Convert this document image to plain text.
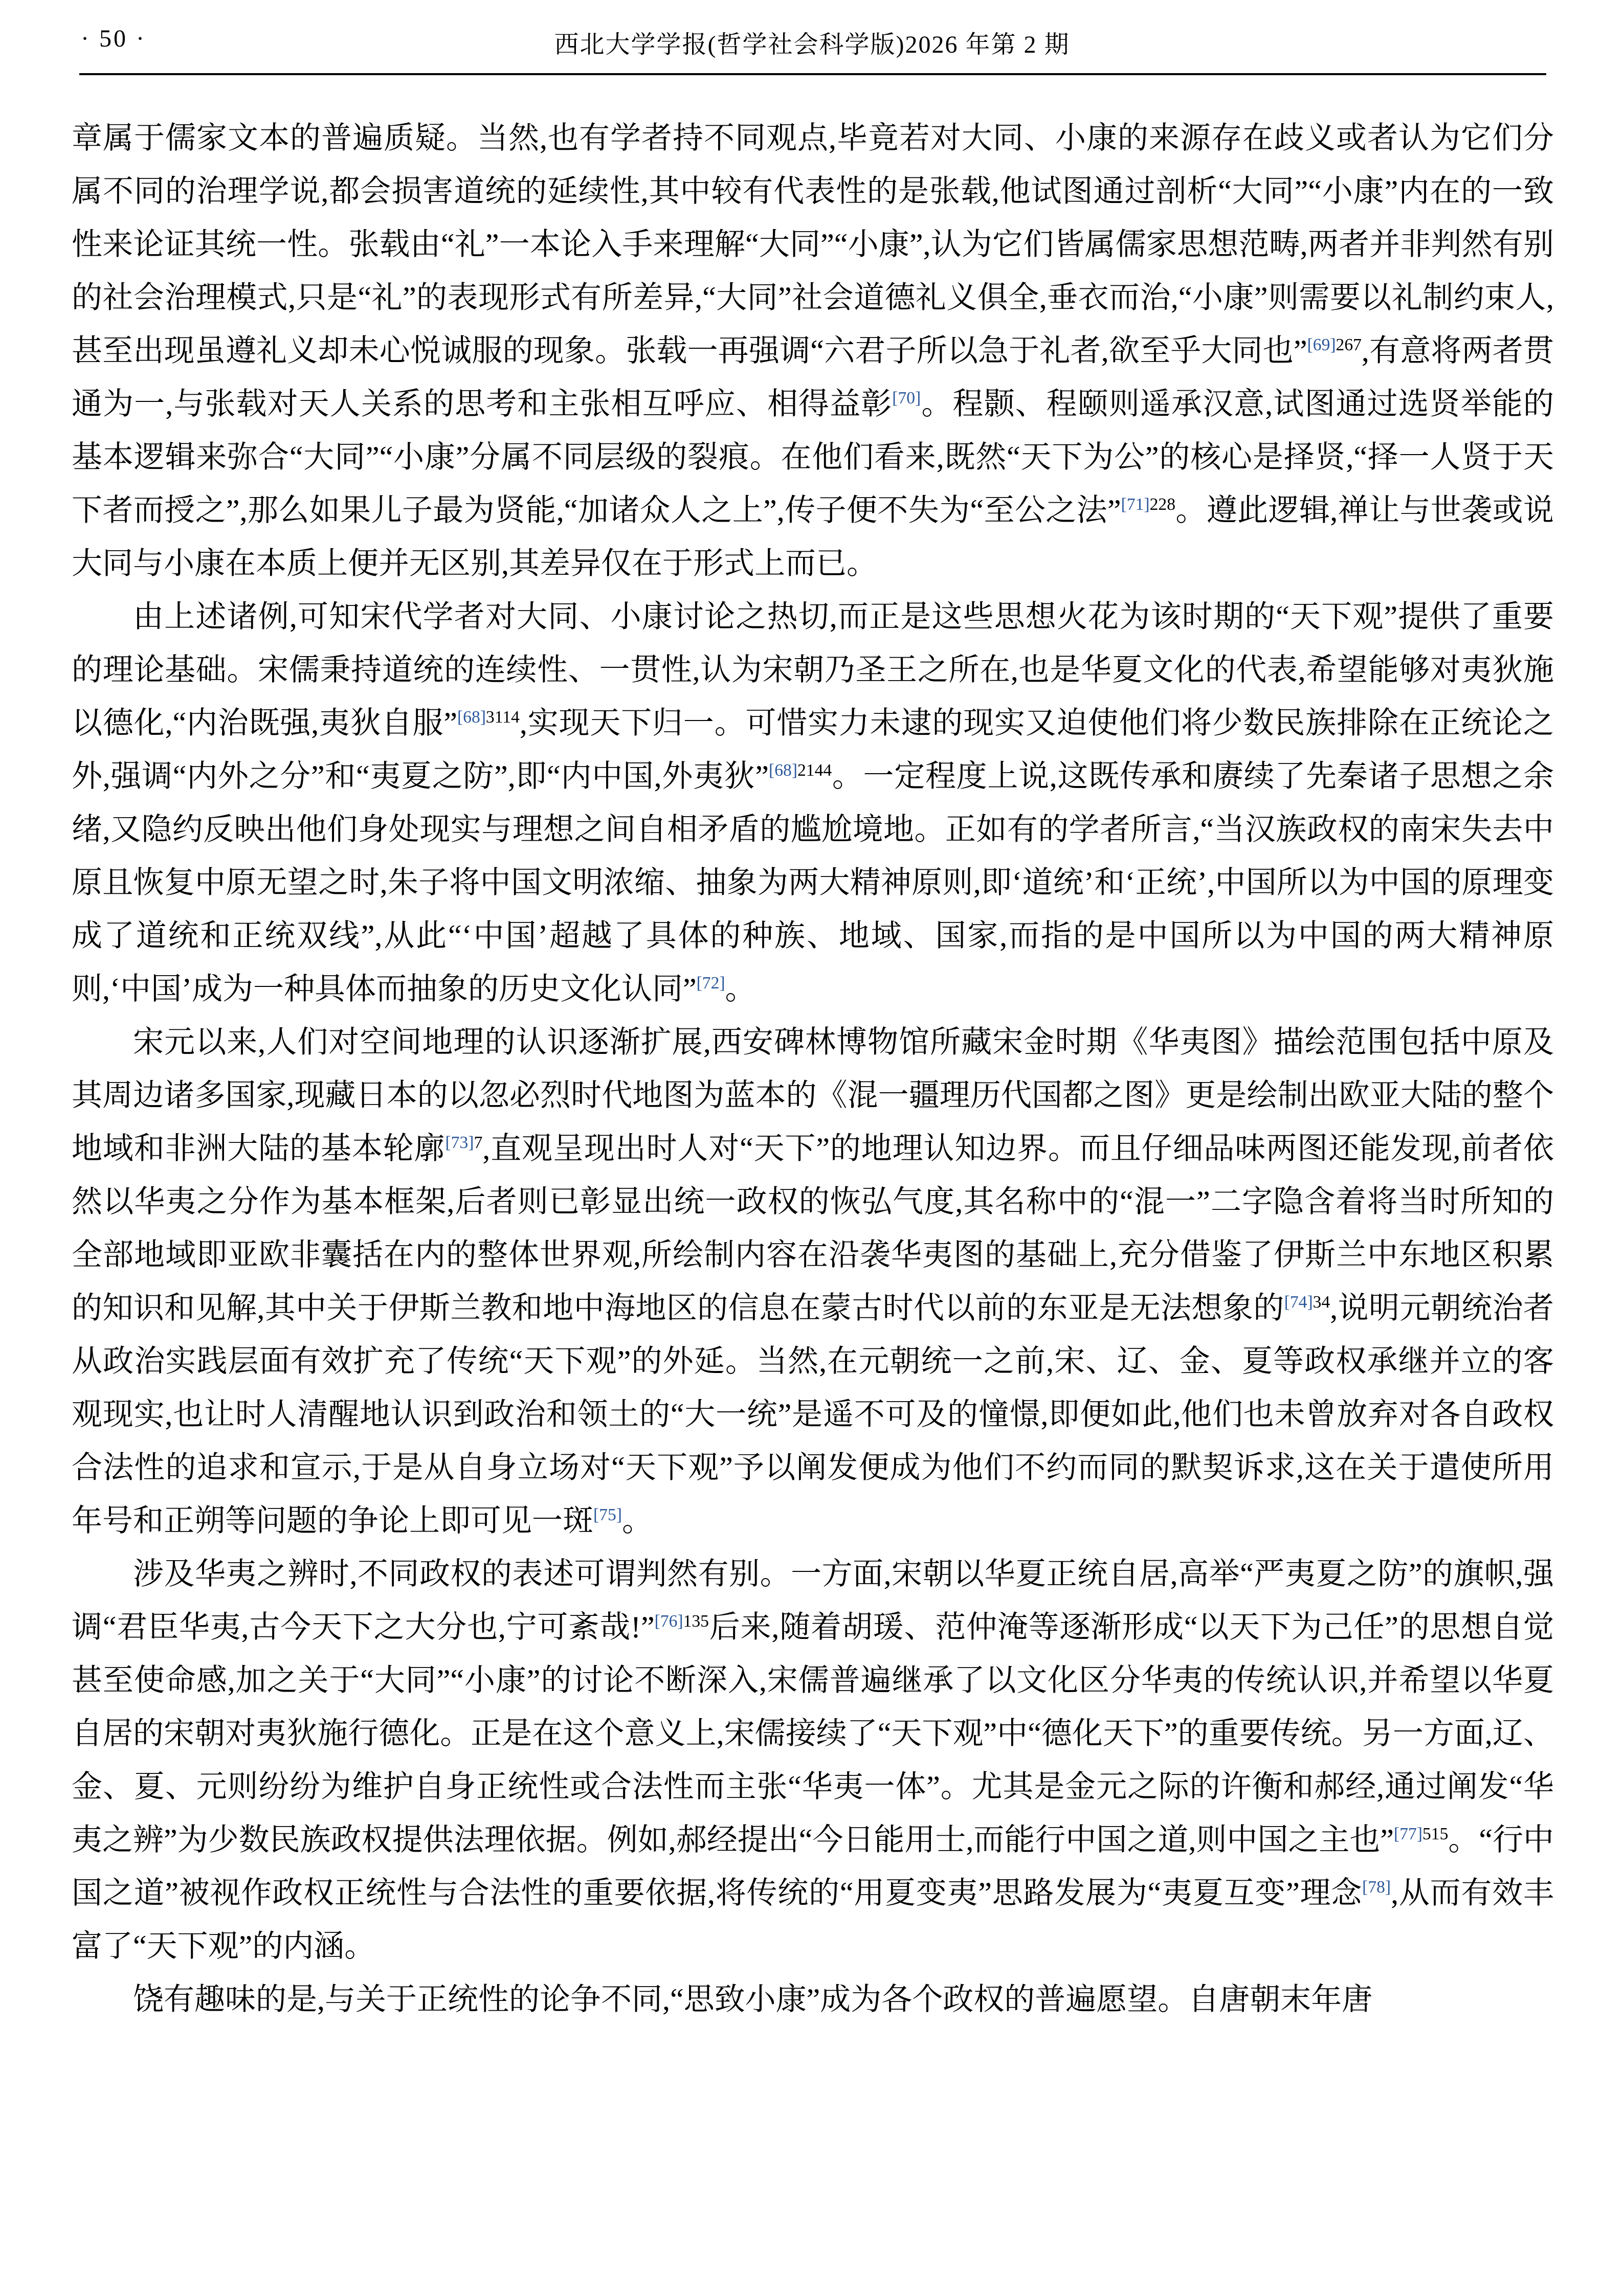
· 50 ·	西北大学学报(哲学社会科学版)2026 年第 2 期

章属于儒家文本的普遍质疑。当然,也有学者持不同观点,毕竟若对大同、小康的来源存在歧义或者认为它们分属不同的治理学说,都会损害道统的延续性,其中较有代表性的是张载,他试图通过剖析“大同”“小康”内在的一致性来论证其统一性。张载由“礼”一本论入手来理解“大同”“小康”,认为它们皆属儒家思想范畴,两者并非判然有别的社会治理模式,只是“礼”的表现形式有所差异,“大同”社会道德礼义俱全,垂衣而治,“小康”则需要以礼制约束人,甚至出现虽遵礼义却未心悦诚服的现象。张载一再强调“六君子所以急于礼者,欲至乎大同也”$^{[69]267}$,有意将两者贯通为一,与张载对天人关系的思考和主张相互呼应、相得益彰[70]。程颢、程颐则遥承汉意,试图通过选贤举能的基本逻辑来弥合“大同”“小康”分属不同层级的裂痕。在他们看来,既然“天下为公”的核心是择贤,“择一人贤于天下者而授之”,那么如果儿子最为贤能,“加诸众人之上”,传子便不失为“至公之法”$^{[71]228}$。遵此逻辑,禅让与世袭或说大同与小康在本质上便并无区别,其差异仅在于形式上而已。

由上述诸例,可知宋代学者对大同、小康讨论之热切,而正是这些思想火花为该时期的“天下观”提供了重要的理论基础。宋儒秉持道统的连续性、一贯性,认为宋朝乃圣王之所在,也是华夏文化的代表,希望能够对夷狄施以德化,“内治既强,夷狄自服”$^{[68]3114}$,实现天下归一。可惜实力未逮的现实又迫使他们将少数民族排除在正统论之外,强调“内外之分”和“夷夏之防”,即“内中国,外夷狄”$^{[68]2144}$。一定程度上说,这既传承和赓续了先秦诸子思想之余绪,又隐约反映出他们身处现实与理想之间自相矛盾的尴尬境地。正如有的学者所言,“当汉族政权的南宋失去中原且恢复中原无望之时,朱子将中国文明浓缩、抽象为两大精神原则,即‘道统’和‘正统’,中国所以为中国的原理变成了道统和正统双线”,从此“‘中国’超越了具体的种族、地域、国家,而指的是中国所以为中国的两大精神原则,‘中国’成为一种具体而抽象的历史文化认同”[72]。

宋元以来,人们对空间地理的认识逐渐扩展,西安碑林博物馆所藏宋金时期《华夷图》描绘范围包括中原及其周边诸多国家,现藏日本的以忽必烈时代地图为蓝本的《混一疆理历代国都之图》更是绘制出欧亚大陆的整个地域和非洲大陆的基本轮廓$^{[73]7}$,直观呈现出时人对“天下”的地理认知边界。而且仔细品味两图还能发现,前者依然以华夷之分作为基本框架,后者则已彰显出统一政权的恢弘气度,其名称中的“混一”二字隐含着将当时所知的全部地域即亚欧非囊括在内的整体世界观,所绘制内容在沿袭华夷图的基础上,充分借鉴了伊斯兰中东地区积累的知识和见解,其中关于伊斯兰教和地中海地区的信息在蒙古时代以前的东亚是无法想象的$^{[74]34}$,说明元朝统治者从政治实践层面有效扩充了传统“天下观”的外延。当然,在元朝统一之前,宋、辽、金、夏等政权承继并立的客观现实,也让时人清醒地认识到政治和领土的“大一统”是遥不可及的憧憬,即便如此,他们也未曾放弃对各自政权合法性的追求和宣示,于是从自身立场对“天下观”予以阐发便成为他们不约而同的默契诉求,这在关于遣使所用年号和正朔等问题的争论上即可见一斑[75]。

涉及华夷之辨时,不同政权的表述可谓判然有别。一方面,宋朝以华夏正统自居,高举“严夷夏之防”的旗帜,强调“君臣华夷,古今天下之大分也,宁可紊哉!”$^{[76]135}$后来,随着胡瑗、范仲淹等逐渐形成“以天下为己任”的思想自觉甚至使命感,加之关于“大同”“小康”的讨论不断深入,宋儒普遍继承了以文化区分华夷的传统认识,并希望以华夏自居的宋朝对夷狄施行德化。正是在这个意义上,宋儒接续了“天下观”中“德化天下”的重要传统。另一方面,辽、金、夏、元则纷纷为维护自身正统性或合法性而主张“华夷一体”。尤其是金元之际的许衡和郝经,通过阐发“华夷之辨”为少数民族政权提供法理依据。例如,郝经提出“今日能用士,而能行中国之道,则中国之主也”$^{[77]515}$。“行中国之道”被视作政权正统性与合法性的重要依据,将传统的“用夏变夷”思路发展为“夷夏互变”理念[78],从而有效丰富了“天下观”的内涵。

饶有趣味的是,与关于正统性的论争不同,“思致小康”成为各个政权的普遍愿望。自唐朝末年唐
